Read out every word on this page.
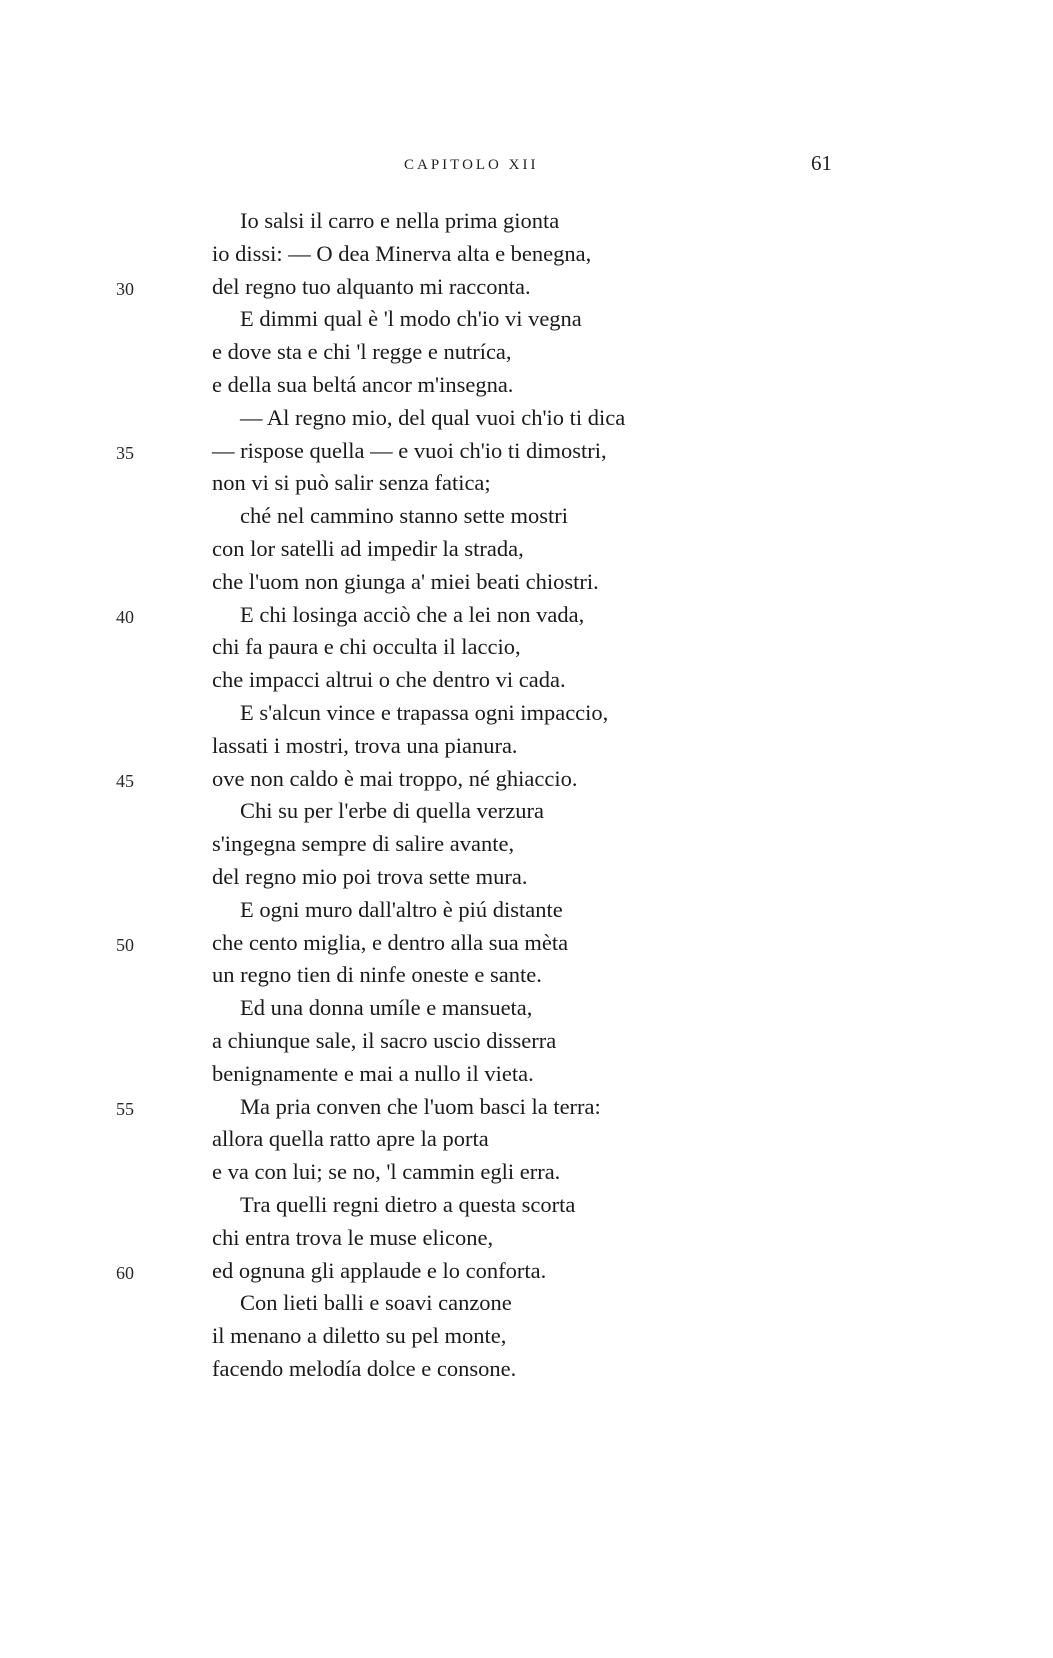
CAPITOLO XII	61
Io salsi il carro e nella prima gionta
io dissi: — O dea Minerva alta e benegna,
30	del regno tuo alquanto mi racconta.
E dimmi qual è 'l modo ch'io vi vegna
e dove sta e chi 'l regge e nutríca,
e della sua beltá ancor m'insegna.
— Al regno mio, del qual vuoi ch'io ti dica
35	— rispose quella — e vuoi ch'io ti dimostri,
non vi si può salir senza fatica;
ché nel cammino stanno sette mostri
con lor satelli ad impedir la strada,
che l'uom non giunga a' miei beati chiostri.
40	E chi losinga acciò che a lei non vada,
chi fa paura e chi occulta il laccio,
che impacci altrui o che dentro vi cada.
E s'alcun vince e trapassa ogni impaccio,
lassati i mostri, trova una pianura.
45	ove non caldo è mai troppo, né ghiaccio.
Chi su per l'erbe di quella verzura
s'ingegna sempre di salire avante,
del regno mio poi trova sette mura.
E ogni muro dall'altro è piú distante
50	che cento miglia, e dentro alla sua mèta
un regno tien di ninfe oneste e sante.
Ed una donna umíle e mansueta,
a chiunque sale, il sacro uscio disserra
benignamente e mai a nullo il vieta.
55	Ma pria conven che l'uom basci la terra:
allora quella ratto apre la porta
e va con lui; se no, 'l cammin egli erra.
Tra quelli regni dietro a questa scorta
chi entra trova le muse elicone,
60	ed ognuna gli applaude e lo conforta.
Con lieti balli e soavi canzone
il menano a diletto su pel monte,
facendo melodía dolce e consone.
